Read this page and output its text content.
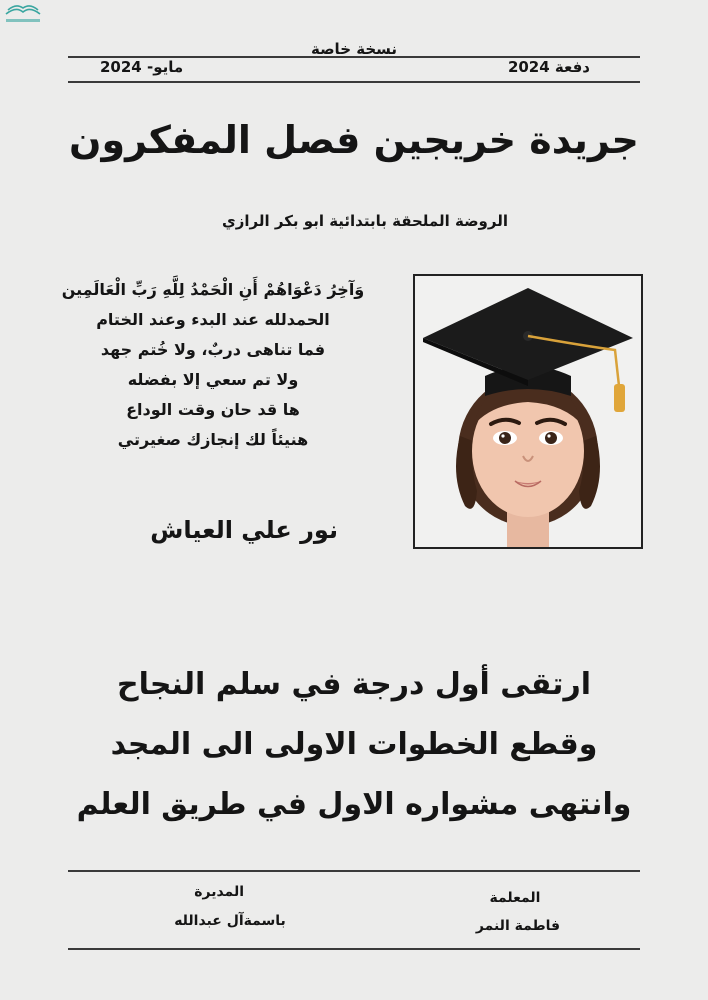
نسخة خاصة
مايو- 2024	دفعة 2024
جريدة خريجين فصل المفكرون
الروضة الملحقة بابتدائية ابو بكر الرازي
وَآخِرُ دَعْوَاهُمْ أَنِ الْحَمْدُ لِلَّهِ رَبِّ الْعَالَمِين
الحمدلله عند البدء وعند الختام
فما تناهى دربٌ، ولا خُتم جهد
ولا تم سعي إلا بفضله
ها قد حان وقت الوداع
هنيئاً لك إنجازك صغيرتي
نور علي العياش
ارتقى أول درجة في سلم النجاح
وقطع الخطوات الاولى الى المجد
وانتهى مشواره الاول في طريق العلم
المديرة
باسمةآل عبدالله
المعلمة
فاطمة النمر
